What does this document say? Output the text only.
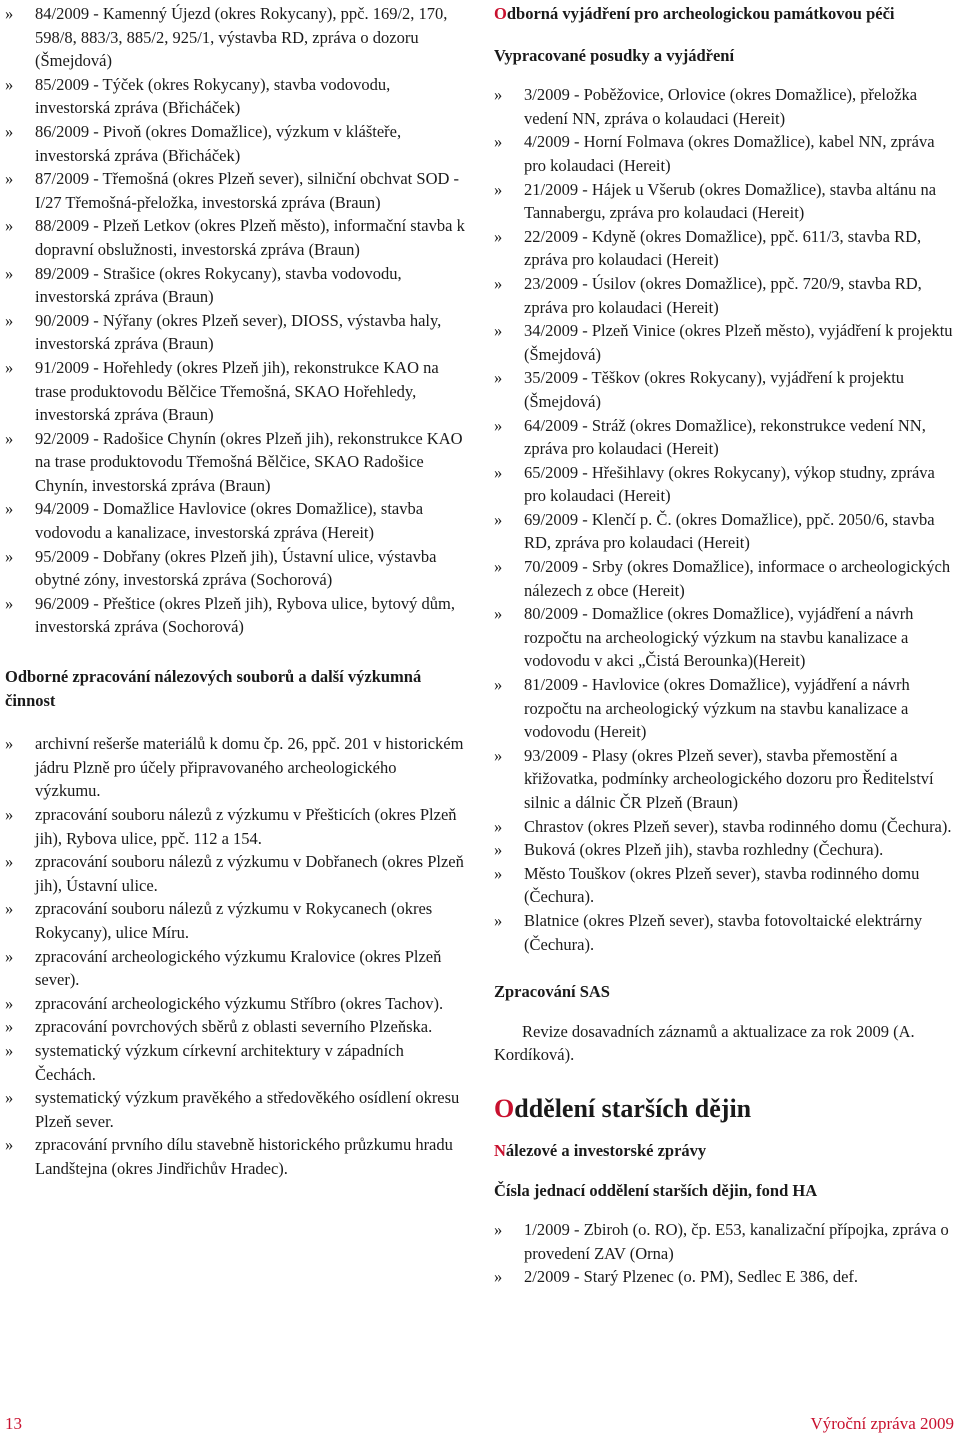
» 84/2009 - Kamenný Újezd (okres Rokycany), ppč. 169/2, 170, 598/8, 883/3, 885/2, 925/1, výstavba RD, zpráva o dozoru (Šmejdová)
» 85/2009 - Týček (okres Rokycany), stavba vodovodu, investorská zpráva (Břicháček)
» 86/2009 - Pivoň (okres Domažlice), výzkum v klášteře, investorská zpráva (Břicháček)
» 87/2009 - Třemošná (okres Plzeň sever), silniční obchvat SOD - I/27 Třemošná-přeložka, investorská zpráva (Braun)
» 88/2009 - Plzeň Letkov (okres Plzeň město), informační stavba k dopravní obslužnosti, investorská zpráva (Braun)
» 89/2009 - Strašice (okres Rokycany), stavba vodovodu, investorská zpráva (Braun)
» 90/2009 - Nýřany (okres Plzeň sever), DIOSS, výstavba haly, investorská zpráva (Braun)
» 91/2009 - Hořehledy (okres Plzeň jih), rekonstrukce KAO na trase produktovodu Bělčice Třemošná, SKAO Hořehledy, investorská zpráva (Braun)
» 92/2009 - Radošice Chynín (okres Plzeň jih), rekonstrukce KAO na trase produktovodu Třemošná Bělčice, SKAO Radošice Chynín, investorská zpráva (Braun)
» 94/2009 - Domažlice Havlovice (okres Domažlice), stavba vodovodu a kanalizace, investorská zpráva (Hereit)
» 95/2009 - Dobřany (okres Plzeň jih), Ústavní ulice, výstavba obytné zóny, investorská zpráva (Sochorová)
» 96/2009 - Přeštice (okres Plzeň jih), Rybova ulice, bytový dům, investorská zpráva (Sochorová)
Odborné zpracování nálezových souborů a další výzkumná činnost
» archivní rešerše materiálů k domu čp. 26, ppč. 201 v historickém jádru Plzně pro účely připravovaného archeologického výzkumu.
» zpracování souboru nálezů z výzkumu v Přešticích (okres Plzeň jih), Rybova ulice, ppč. 112 a 154.
» zpracování souboru nálezů z výzkumu v Dobřanech (okres Plzeň jih), Ústavní ulice.
» zpracování souboru nálezů z výzkumu v Rokycanech (okres Rokycany), ulice Míru.
» zpracování archeologického výzkumu Kralovice (okres Plzeň sever).
» zpracování archeologického výzkumu Stříbro (okres Tachov).
» zpracování povrchových sběrů z oblasti severního Plzeňska.
» systematický výzkum církevní architektury v západních Čechách.
» systematický výzkum pravěkého a středověkého osídlení okresu Plzeň sever.
» zpracování prvního dílu stavebně historického průzkumu hradu Landštejna (okres Jindřichův Hradec).
Odborná vyjádření pro archeologickou památkovou péči
Vypracované posudky a vyjádření
» 3/2009 - Poběžovice, Orlovice (okres Domažlice), přeložka vedení NN, zpráva o kolaudaci (Hereit)
» 4/2009 - Horní Folmava (okres Domažlice), kabel NN, zpráva pro kolaudaci (Hereit)
» 21/2009 - Hájek u Všerub (okres Domažlice), stavba altánu na Tannabergu, zpráva pro kolaudaci (Hereit)
» 22/2009 - Kdyně (okres Domažlice), ppč. 611/3, stavba RD, zpráva pro kolaudaci (Hereit)
» 23/2009 - Úsilov (okres Domažlice), ppč. 720/9, stavba RD, zpráva pro kolaudaci (Hereit)
» 34/2009 - Plzeň Vinice (okres Plzeň město), vyjádření k projektu (Šmejdová)
» 35/2009 - Těškov (okres Rokycany), vyjádření k projektu (Šmejdová)
» 64/2009 - Stráž (okres Domažlice), rekonstrukce vedení NN, zpráva pro kolaudaci (Hereit)
» 65/2009 - Hřešihlavy (okres Rokycany), výkop studny, zpráva pro kolaudaci (Hereit)
» 69/2009 - Klenčí p. Č. (okres Domažlice), ppč. 2050/6, stavba RD, zpráva pro kolaudaci (Hereit)
» 70/2009 - Srby (okres Domažlice), informace o archeologických nálezech z obce (Hereit)
» 80/2009 - Domažlice (okres Domažlice), vyjádření a návrh rozpočtu na archeologický výzkum na stavbu kanalizace a vodovodu v akci „Čistá Berounka)(Hereit)
» 81/2009 - Havlovice (okres Domažlice), vyjádření a návrh rozpočtu na archeologický výzkum na stavbu kanalizace a vodovodu (Hereit)
» 93/2009 - Plasy (okres Plzeň sever), stavba přemostění a křižovatka, podmínky archeologického dozoru pro Ředitelství silnic a dálnic ČR Plzeň (Braun)
» Chrastov (okres Plzeň sever), stavba rodinného domu (Čechura).
» Buková (okres Plzeň jih), stavba rozhledny (Čechura).
» Město Touškov (okres Plzeň sever), stavba rodinného domu (Čechura).
» Blatnice (okres Plzeň sever), stavba fotovoltaické elektrárny (Čechura).
Zpracování SAS

Revize dosavadních záznamů a aktualizace za rok 2009 (A. Kordíková).

Oddělení starších dějin
Nálezové a investorské zprávy
Čísla jednací oddělení starších dějin, fond HA
» 1/2009 - Zbiroh (o. RO), čp. E53, kanalizační přípojka, zpráva o provedení ZAV (Orna)
» 2/2009 - Starý Plzenec (o. PM), Sedlec E 386, def.
13	Výroční zpráva 2009
